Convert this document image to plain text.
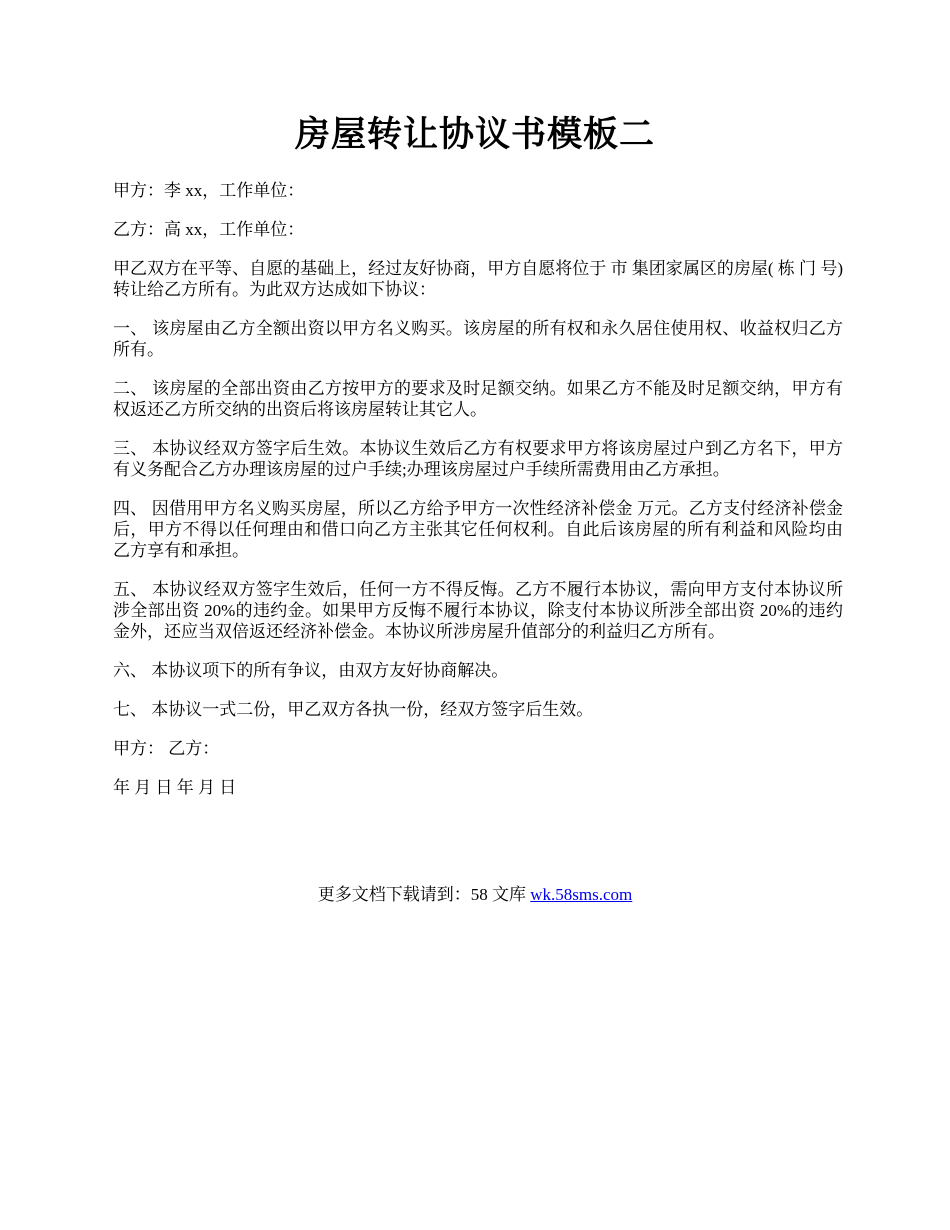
房屋转让协议书模板二

甲方：李 xx，工作单位：

乙方：高 xx，工作单位：

甲乙双方在平等、自愿的基础上，经过友好协商，甲方自愿将位于 市 集团家属区的房屋( 栋 门 号)转让给乙方所有。为此双方达成如下协议：

一、 该房屋由乙方全额出资以甲方名义购买。该房屋的所有权和永久居住使用权、收益权归乙方所有。

二、 该房屋的全部出资由乙方按甲方的要求及时足额交纳。如果乙方不能及时足额交纳，甲方有权返还乙方所交纳的出资后将该房屋转让其它人。

三、 本协议经双方签字后生效。本协议生效后乙方有权要求甲方将该房屋过户到乙方名下，甲方有义务配合乙方办理该房屋的过户手续;办理该房屋过户手续所需费用由乙方承担。

四、 因借用甲方名义购买房屋，所以乙方给予甲方一次性经济补偿金 万元。乙方支付经济补偿金后，甲方不得以任何理由和借口向乙方主张其它任何权利。自此后该房屋的所有利益和风险均由乙方享有和承担。

五、 本协议经双方签字生效后，任何一方不得反悔。乙方不履行本协议，需向甲方支付本协议所涉全部出资 20%的违约金。如果甲方反悔不履行本协议，除支付本协议所涉全部出资 20%的违约金外，还应当双倍返还经济补偿金。本协议所涉房屋升值部分的利益归乙方所有。

六、 本协议项下的所有争议，由双方友好协商解决。

七、 本协议一式二份，甲乙双方各执一份，经双方签字后生效。

甲方： 乙方：

年 月 日 年 月 日

更多文档下载请到：58 文库 wk.58sms.com
